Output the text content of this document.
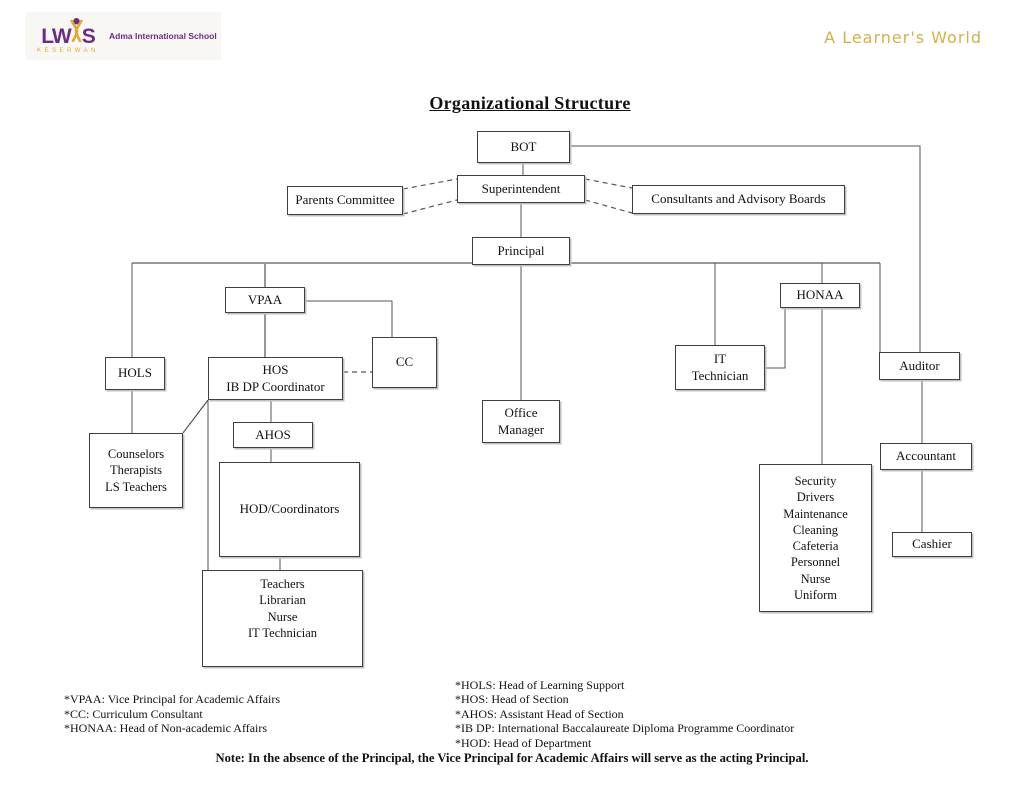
LW S
KESERWAN
Adma International School	A Learner's World
Organizational Structure
BOT
Superintendent
Parents Committee	Consultants and Advisory Boards
Principal
VPAA
CC
HOLS	HOS
IB DP Coordinator
Counselors
Therapists
LS Teachers
AHOS
HOD/Coordinators
Teachers
Librarian
Nurse
IT Technician
Office
Manager
IT
Technician
HONAA
Security
Drivers
Maintenance
Cleaning
Cafeteria
Personnel
Nurse
Uniform
Auditor
Accountant
Cashier
*VPAA: Vice Principal for Academic Affairs
*CC: Curriculum Consultant
*HONAA: Head of Non-academic Affairs
*HOLS: Head of Learning Support
*HOS: Head of Section
*AHOS: Assistant Head of Section
*IB DP: International Baccalaureate Diploma Programme Coordinator
*HOD: Head of Department
Note: In the absence of the Principal, the Vice Principal for Academic Affairs will serve as the acting Principal.
